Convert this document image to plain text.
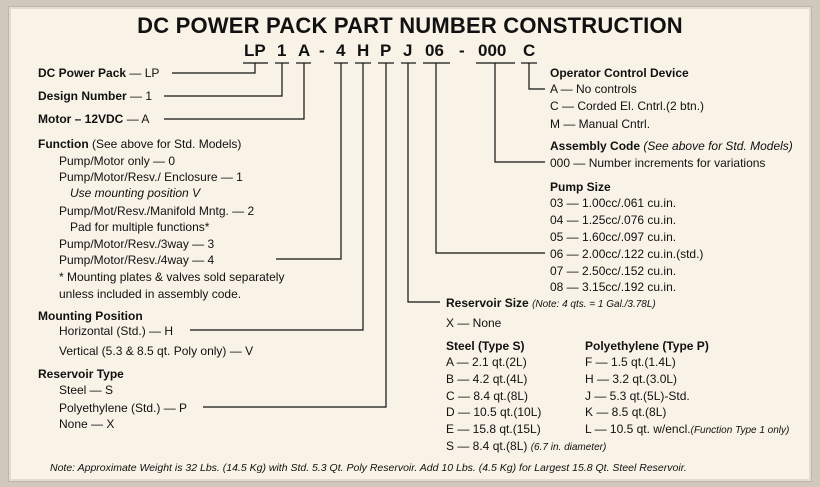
DC POWER PACK PART NUMBER CONSTRUCTION
LP 1 A - 4 H P J 06 - 000 C
DC Power Pack — LP
Design Number — 1
Motor – 12VDC — A
Function (See above for Std. Models)
Pump/Motor only — 0
Pump/Motor/Resv./ Enclosure — 1
Use mounting position V
Pump/Mot/Resv./Manifold Mntg. — 2
Pad for multiple functions*
Pump/Motor/Resv./3way — 3
Pump/Motor/Resv./4way — 4
* Mounting plates & valves sold separately
unless included in assembly code.
Mounting Position
Horizontal (Std.) — H
Vertical (5.3 & 8.5 qt. Poly only) — V
Reservoir Type
Steel — S
Polyethylene (Std.) — P
None — X
Operator Control Device
A — No controls
C — Corded El. Cntrl.(2 btn.)
M — Manual Cntrl.
Assembly Code (See above for Std. Models)
000 — Number increments for variations
Pump Size
03 — 1.00cc/.061 cu.in.
04 — 1.25cc/.076 cu.in.
05 — 1.60cc/.097 cu.in.
06 — 2.00cc/.122 cu.in.(std.)
07 — 2.50cc/.152 cu.in.
08 — 3.15cc/.192 cu.in.
Reservoir Size (Note: 4 qts. = 1 Gal./3.78L)
X — None
Steel (Type S)
A — 2.1 qt.(2L)
B — 4.2 qt.(4L)
C — 8.4 qt.(8L)
D — 10.5 qt.(10L)
E — 15.8 qt.(15L)
S — 8.4 qt.(8L) (6.7 in. diameter)
Polyethylene (Type P)
F — 1.5 qt.(1.4L)
H — 3.2 qt.(3.0L)
J — 5.3 qt.(5L)-Std.
K — 8.5 qt.(8L)
L — 10.5 qt. w/encl.(Function Type 1 only)
Note: Approximate Weight is 32 Lbs. (14.5 Kg) with Std. 5.3 Qt. Poly Reservoir. Add 10 Lbs. (4.5 Kg) for Largest 15.8 Qt. Steel Reservoir.
